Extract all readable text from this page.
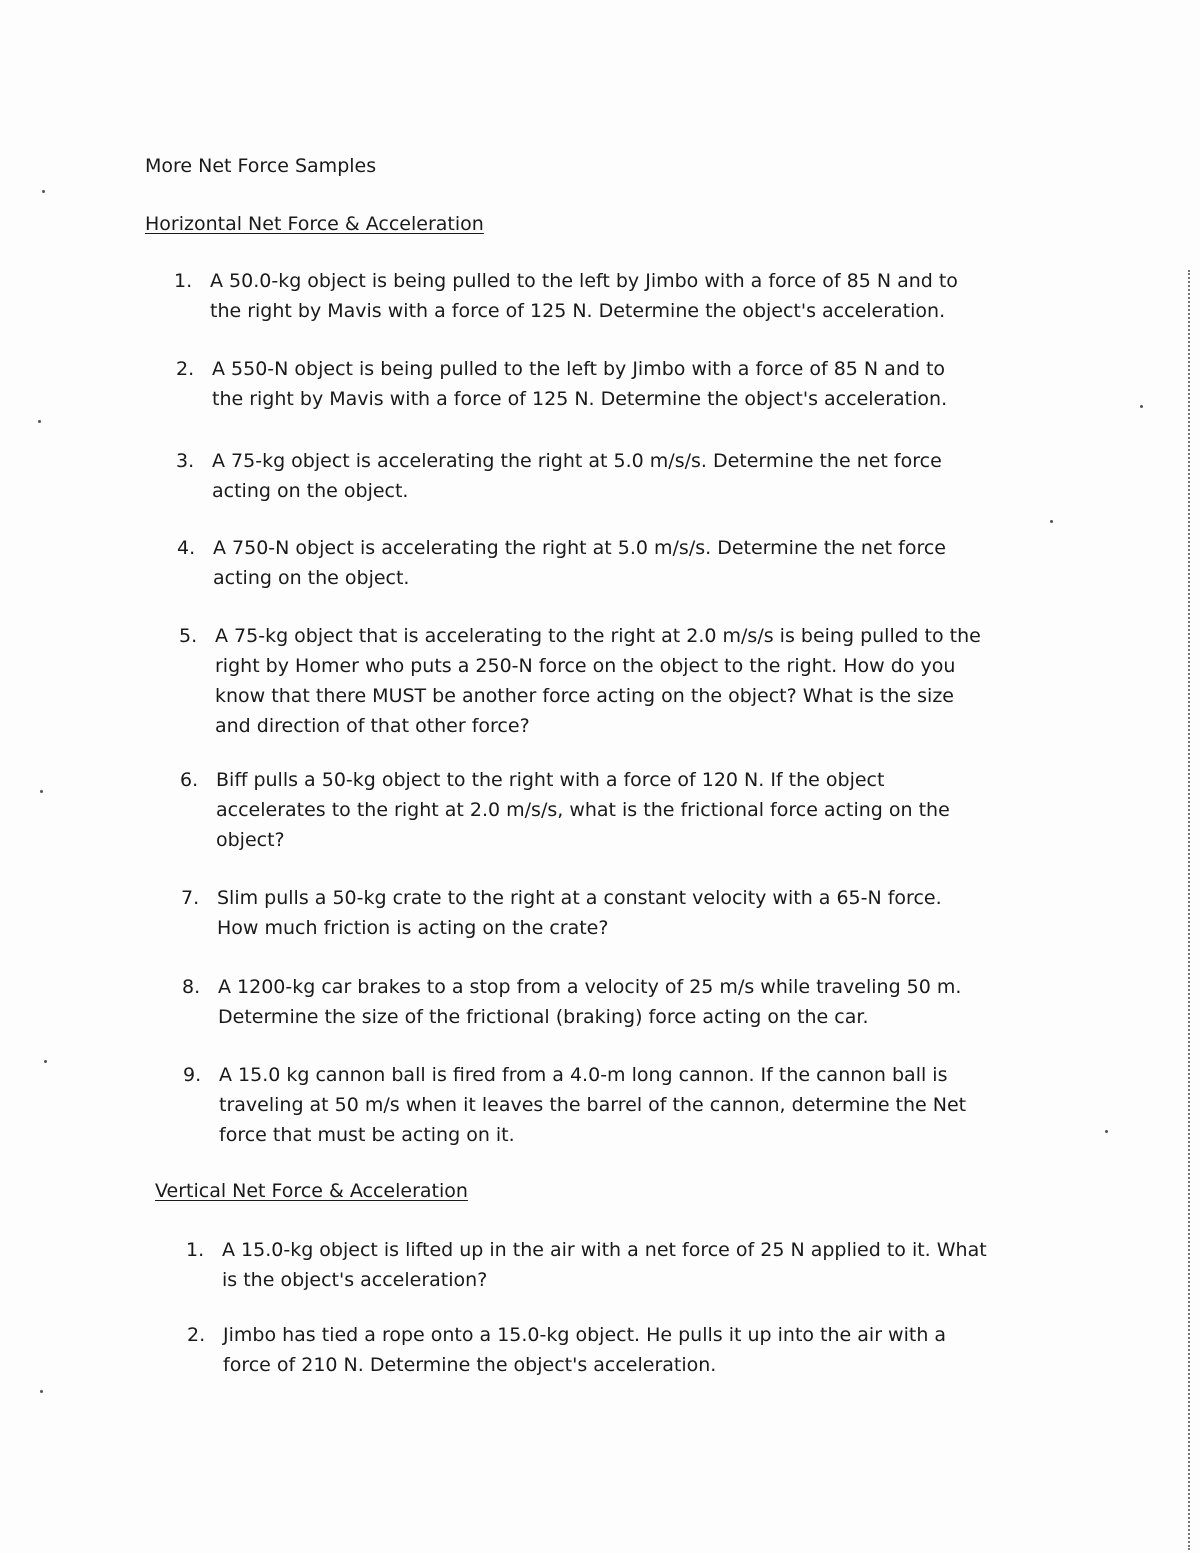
More Net Force Samples
Horizontal Net Force & Acceleration
1. A 50.0-kg object is being pulled to the left by Jimbo with a force of 85 N and to the right by Mavis with a force of 125 N. Determine the object's acceleration.
2. A 550-N object is being pulled to the left by Jimbo with a force of 85 N and to the right by Mavis with a force of 125 N. Determine the object's acceleration.
3. A 75-kg object is accelerating the right at 5.0 m/s/s. Determine the net force acting on the object.
4. A 750-N object is accelerating the right at 5.0 m/s/s. Determine the net force acting on the object.
5. A 75-kg object that is accelerating to the right at 2.0 m/s/s is being pulled to the right by Homer who puts a 250-N force on the object to the right. How do you know that there MUST be another force acting on the object? What is the size and direction of that other force?
6. Biff pulls a 50-kg object to the right with a force of 120 N. If the object accelerates to the right at 2.0 m/s/s, what is the frictional force acting on the object?
7. Slim pulls a 50-kg crate to the right at a constant velocity with a 65-N force. How much friction is acting on the crate?
8. A 1200-kg car brakes to a stop from a velocity of 25 m/s while traveling 50 m. Determine the size of the frictional (braking) force acting on the car.
9. A 15.0 kg cannon ball is fired from a 4.0-m long cannon. If the cannon ball is traveling at 50 m/s when it leaves the barrel of the cannon, determine the Net force that must be acting on it.
Vertical Net Force & Acceleration
1. A 15.0-kg object is lifted up in the air with a net force of 25 N applied to it. What is the object's acceleration?
2. Jimbo has tied a rope onto a 15.0-kg object. He pulls it up into the air with a force of 210 N. Determine the object's acceleration.
